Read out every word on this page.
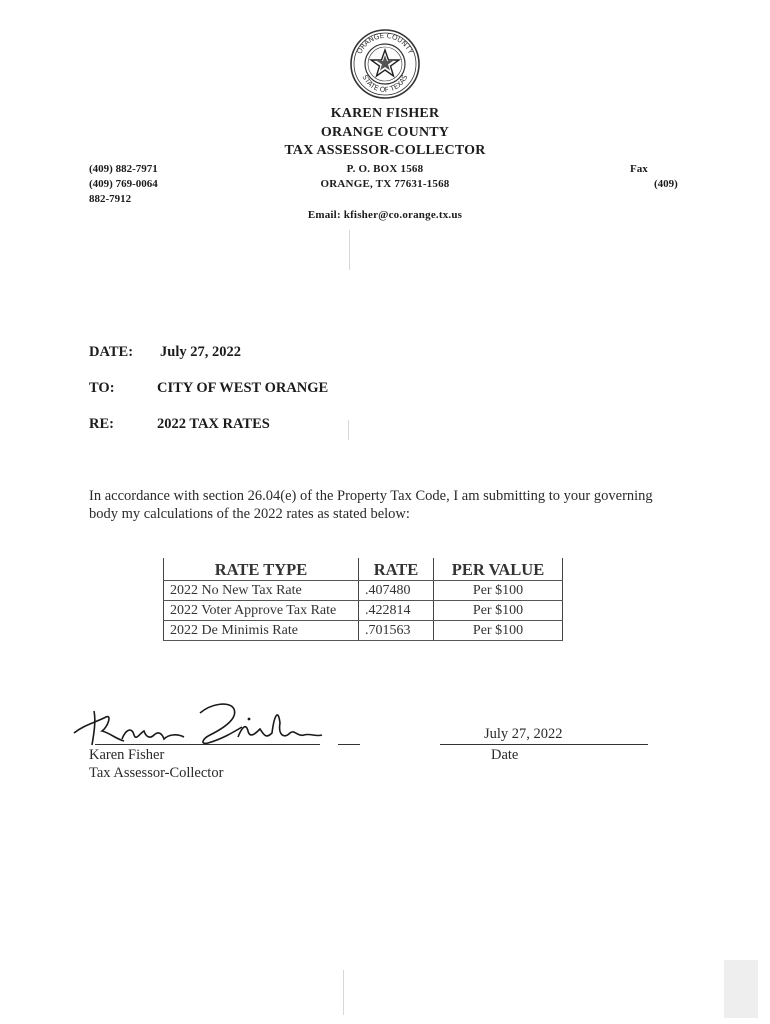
ORANGE COUNTY
STATE OF TEXAS
KAREN FISHER
ORANGE COUNTY
TAX ASSESSOR-COLLECTOR
P. O. BOX 1568
ORANGE, TX 77631-1568
Email: kfisher@co.orange.tx.us
(409) 882-7971
(409) 769-0064
882-7912
Fax
(409)
DATE: July 27, 2022
TO:	CITY OF WEST ORANGE
RE:	2022 TAX RATES
In accordance with section 26.04(e) of the Property Tax Code, I am submitting to your governing
body my calculations of the 2022 rates as stated below:
RATE TYPE	RATE	PER VALUE
2022 No New Tax Rate	.407480	Per $100
2022 Voter Approve Tax Rate	.422814	Per $100
2022 De Minimis Rate	.701563	Per $100
Karen Fisher
Tax Assessor-Collector
July 27, 2022
Date
